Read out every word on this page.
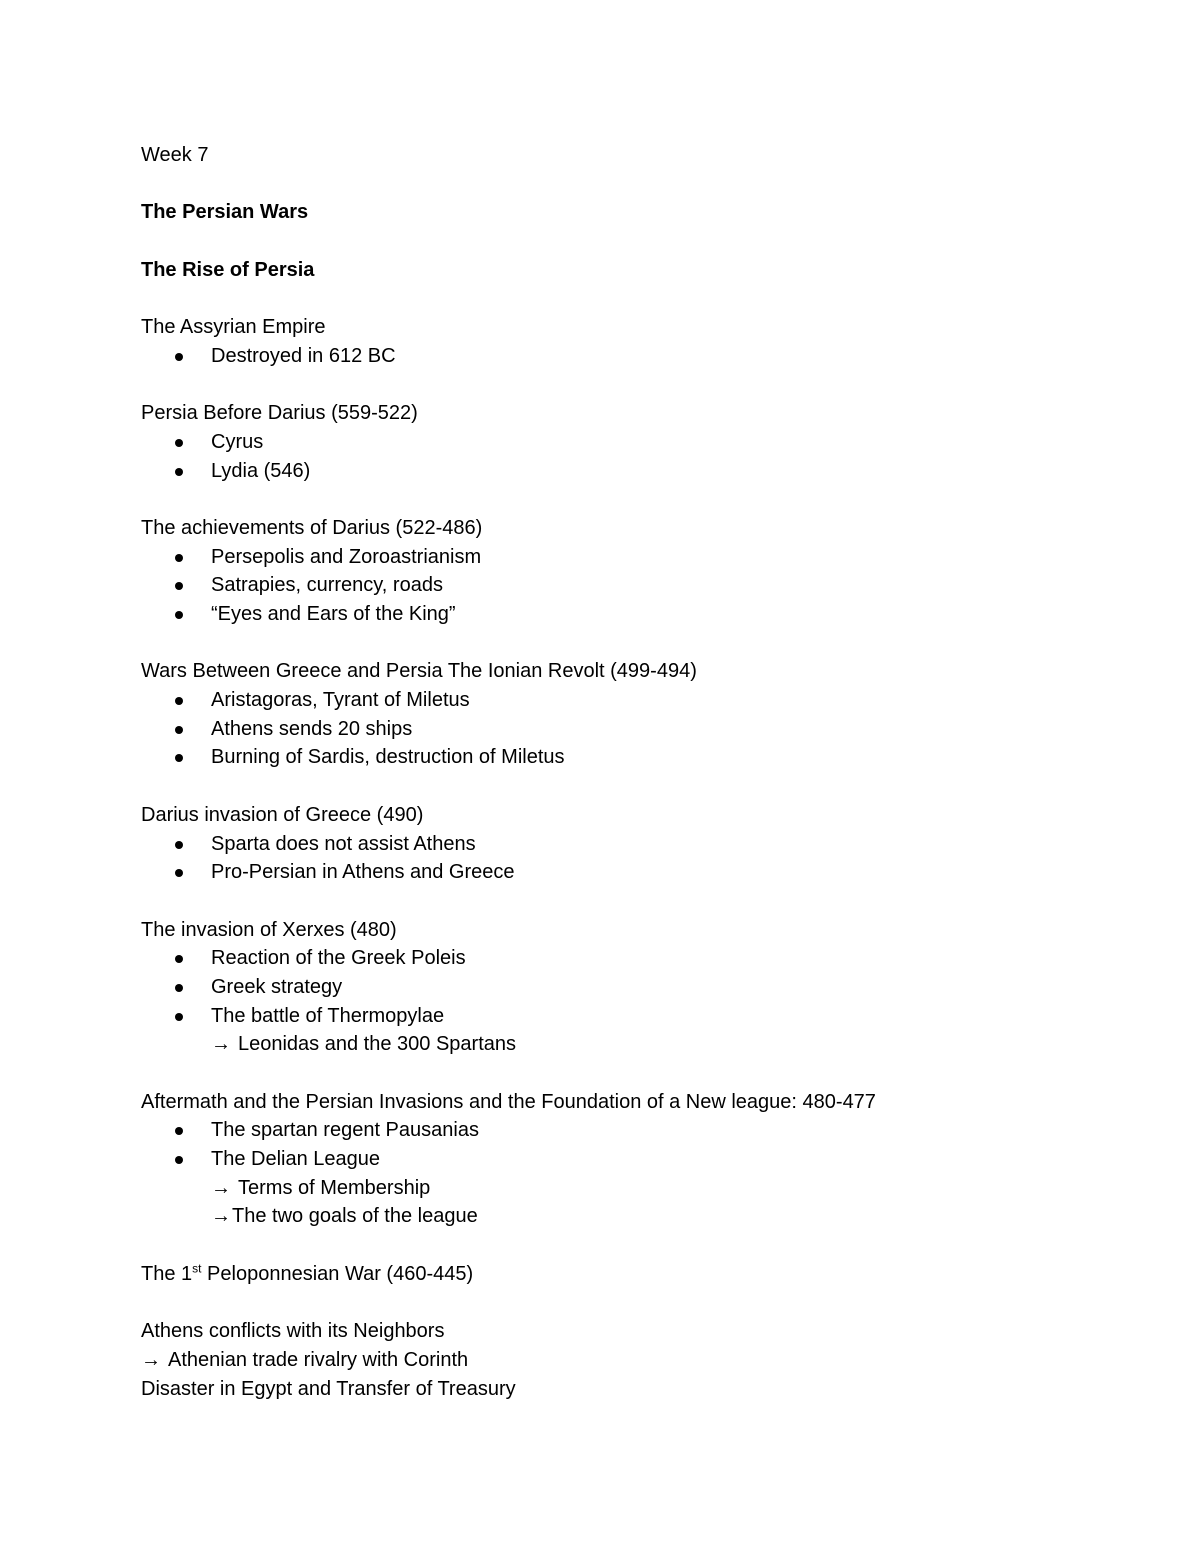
Week 7
The Persian Wars
The Rise of Persia
The Assyrian Empire
Destroyed in 612 BC
Persia Before Darius (559-522)
Cyrus
Lydia (546)
The achievements of Darius (522-486)
Persepolis and Zoroastrianism
Satrapies, currency, roads
“Eyes and Ears of the King”
Wars Between Greece and Persia The Ionian Revolt (499-494)
Aristagoras, Tyrant of Miletus
Athens sends 20 ships
Burning of Sardis, destruction of Miletus
Darius invasion of Greece (490)
Sparta does not assist Athens
Pro-Persian in Athens and Greece
The invasion of Xerxes (480)
Reaction of the Greek Poleis
Greek strategy
The battle of Thermopylae
→ Leonidas and the 300 Spartans
Aftermath and the Persian Invasions and the Foundation of a New league: 480-477
The spartan regent Pausanias
The Delian League
→ Terms of Membership
→The two goals of the league
The 1st Peloponnesian War (460-445)
Athens conflicts with its Neighbors
→ Athenian trade rivalry with Corinth
Disaster in Egypt and Transfer of Treasury
